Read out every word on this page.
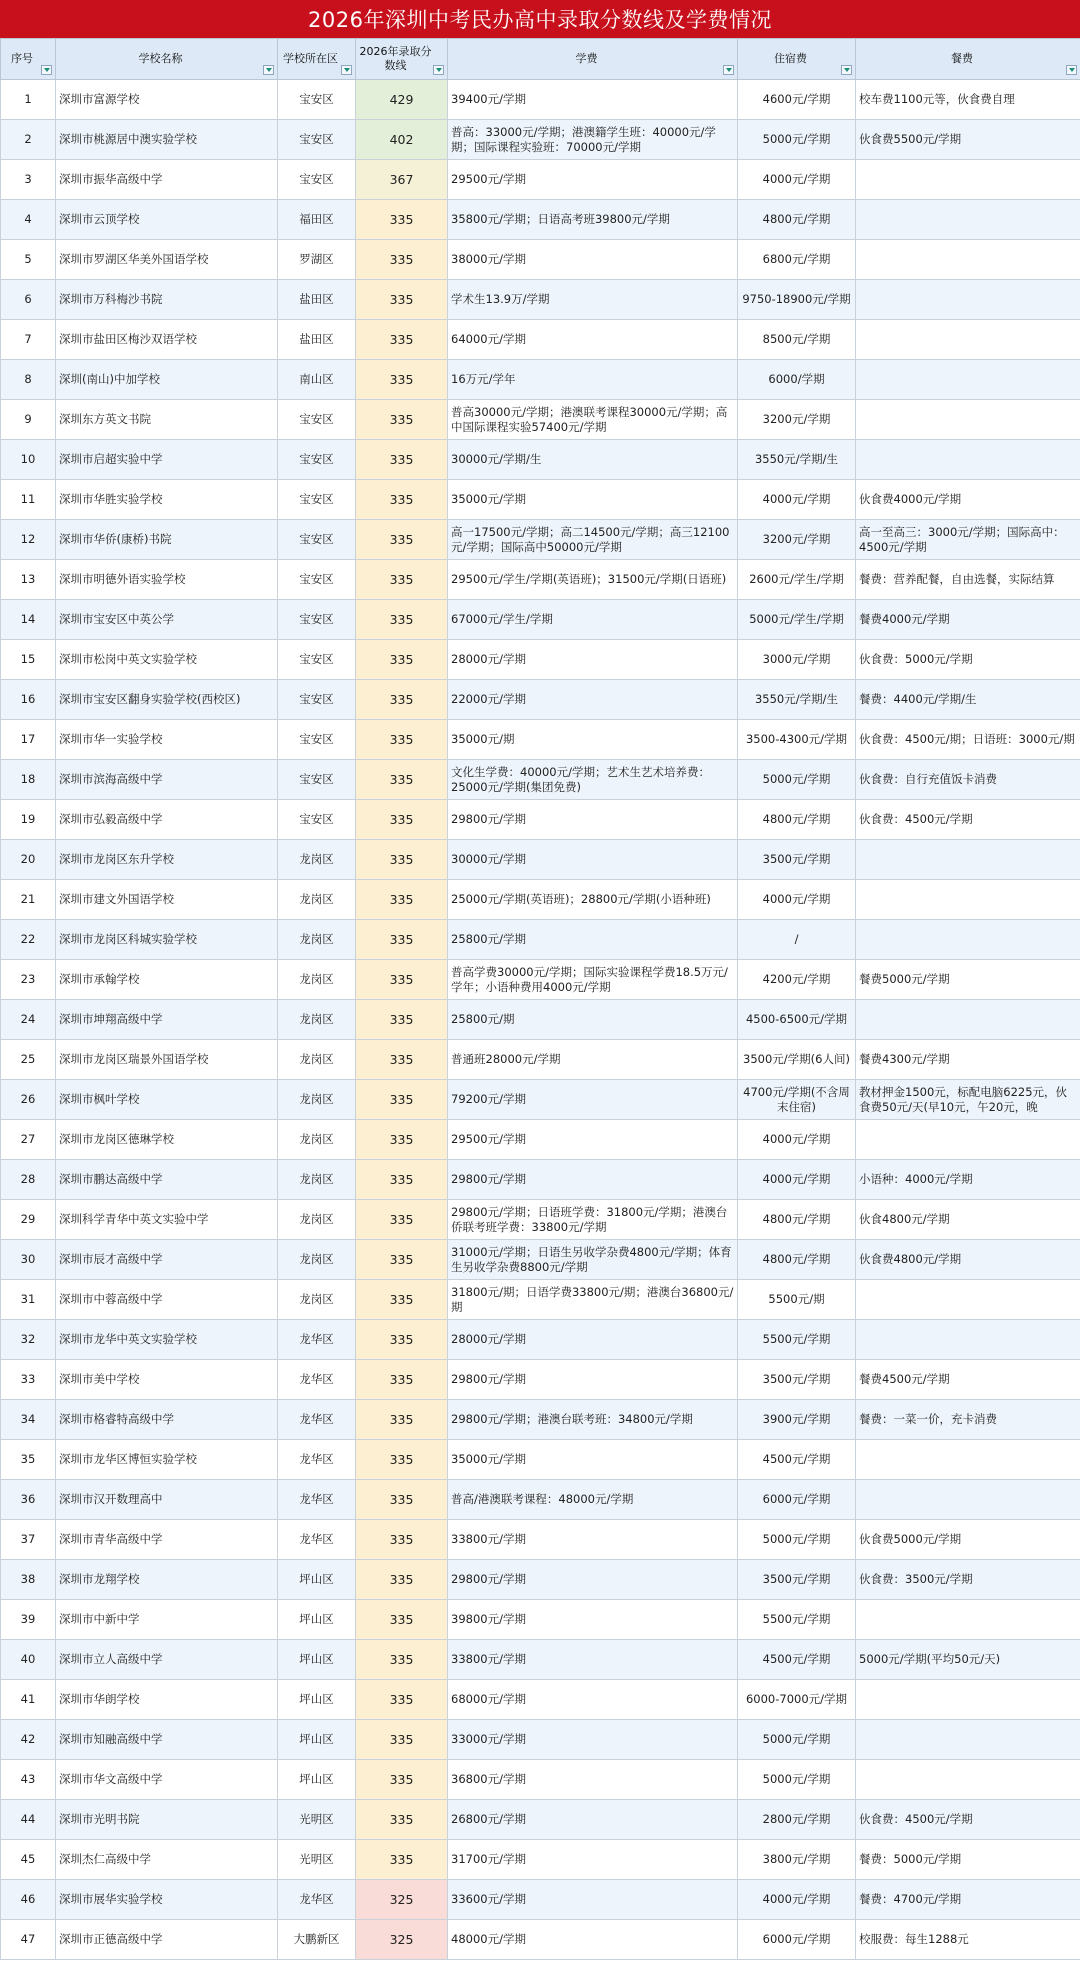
2026年深圳中考民办高中录取分数线及学费情况
序号	学校名称	学校所在区	2026年录取分数线	学费	住宿费	餐费

1	深圳市富源学校	宝安区	429	39400元/学期	4600元/学期	校车费1100元等，伙食费自理
2	深圳市桃源居中澳实验学校	宝安区	402	普高：33000元/学期；港澳籍学生班：40000元/学期；国际课程实验班：70000元/学期	5000元/学期	伙食费5500元/学期
3	深圳市振华高级中学	宝安区	367	29500元/学期	4000元/学期	
4	深圳市云顶学校	福田区	335	35800元/学期；日语高考班39800元/学期	4800元/学期	
5	深圳市罗湖区华美外国语学校	罗湖区	335	38000元/学期	6800元/学期	
6	深圳市万科梅沙书院	盐田区	335	学术生13.9万/学期	9750-18900元/学期	
7	深圳市盐田区梅沙双语学校	盐田区	335	64000元/学期	8500元/学期	
8	深圳(南山)中加学校	南山区	335	16万元/学年	6000/学期	
9	深圳东方英文书院	宝安区	335	普高30000元/学期；港澳联考课程30000元/学期；高中国际课程实验57400元/学期	3200元/学期	
10	深圳市启超实验中学	宝安区	335	30000元/学期/生	3550元/学期/生	
11	深圳市华胜实验学校	宝安区	335	35000元/学期	4000元/学期	伙食费4000元/学期
12	深圳市华侨(康桥)书院	宝安区	335	高一17500元/学期；高二14500元/学期；高三12100元/学期；国际高中50000元/学期	3200元/学期	高一至高三：3000元/学期；国际高中：4500元/学期
13	深圳市明德外语实验学校	宝安区	335	29500元/学生/学期(英语班)；31500元/学期(日语班)	2600元/学生/学期	餐费：营养配餐，自由选餐，实际结算
14	深圳市宝安区中英公学	宝安区	335	67000元/学生/学期	5000元/学生/学期	餐费4000元/学期
15	深圳市松岗中英文实验学校	宝安区	335	28000元/学期	3000元/学期	伙食费：5000元/学期
16	深圳市宝安区翻身实验学校(西校区)	宝安区	335	22000元/学期	3550元/学期/生	餐费：4400元/学期/生
17	深圳市华一实验学校	宝安区	335	35000元/期	3500-4300元/学期	伙食费：4500元/期；日语班：3000元/期
18	深圳市滨海高级中学	宝安区	335	文化生学费：40000元/学期；艺术生艺术培养费：25000元/学期(集团免费)	5000元/学期	伙食费：自行充值饭卡消费
19	深圳市弘毅高级中学	宝安区	335	29800元/学期	4800元/学期	伙食费：4500元/学期
20	深圳市龙岗区东升学校	龙岗区	335	30000元/学期	3500元/学期	
21	深圳市建文外国语学校	龙岗区	335	25000元/学期(英语班)；28800元/学期(小语种班)	4000元/学期	
22	深圳市龙岗区科城实验学校	龙岗区	335	25800元/学期	/	
23	深圳市承翰学校	龙岗区	335	普高学费30000元/学期；国际实验课程学费18.5万元/学年；小语种费用4000元/学期	4200元/学期	餐费5000元/学期
24	深圳市坤翔高级中学	龙岗区	335	25800元/期	4500-6500元/学期	
25	深圳市龙岗区瑞景外国语学校	龙岗区	335	普通班28000元/学期	3500元/学期(6人间)	餐费4300元/学期
26	深圳市枫叶学校	龙岗区	335	79200元/学期	4700元/学期(不含周末住宿)	教材押金1500元，标配电脑6225元，伙食费50元/天(早10元，午20元，晚
27	深圳市龙岗区德琳学校	龙岗区	335	29500元/学期	4000元/学期	
28	深圳市鹏达高级中学	龙岗区	335	29800元/学期	4000元/学期	小语种：4000元/学期
29	深圳科学青华中英文实验中学	龙岗区	335	29800元/学期；日语班学费：31800元/学期；港澳台侨联考班学费：33800元/学期	4800元/学期	伙食4800元/学期
30	深圳市辰才高级中学	龙岗区	335	31000元/学期；日语生另收学杂费4800元/学期；体育生另收学杂费8800元/学期	4800元/学期	伙食费4800元/学期
31	深圳市中蓉高级中学	龙岗区	335	31800元/期；日语学费33800元/期；港澳台36800元/期	5500元/期	
32	深圳市龙华中英文实验学校	龙华区	335	28000元/学期	5500元/学期	
33	深圳市美中学校	龙华区	335	29800元/学期	3500元/学期	餐费4500元/学期
34	深圳市格睿特高级中学	龙华区	335	29800元/学期；港澳台联考班：34800元/学期	3900元/学期	餐费：一菜一价，充卡消费
35	深圳市龙华区博恒实验学校	龙华区	335	35000元/学期	4500元/学期	
36	深圳市汉开数理高中	龙华区	335	普高/港澳联考课程：48000元/学期	6000元/学期	
37	深圳市青华高级中学	龙华区	335	33800元/学期	5000元/学期	伙食费5000元/学期
38	深圳市龙翔学校	坪山区	335	29800元/学期	3500元/学期	伙食费：3500元/学期
39	深圳市中新中学	坪山区	335	39800元/学期	5500元/学期	
40	深圳市立人高级中学	坪山区	335	33800元/学期	4500元/学期	5000元/学期(平均50元/天)
41	深圳市华朗学校	坪山区	335	68000元/学期	6000-7000元/学期	
42	深圳市知融高级中学	坪山区	335	33000元/学期	5000元/学期	
43	深圳市华文高级中学	坪山区	335	36800元/学期	5000元/学期	
44	深圳市光明书院	光明区	335	26800元/学期	2800元/学期	伙食费：4500元/学期
45	深圳杰仁高级中学	光明区	335	31700元/学期	3800元/学期	餐费：5000元/学期
46	深圳市展华实验学校	龙华区	325	33600元/学期	4000元/学期	餐费：4700元/学期
47	深圳市正德高级中学	大鹏新区	325	48000元/学期	6000元/学期	校服费：每生1288元
